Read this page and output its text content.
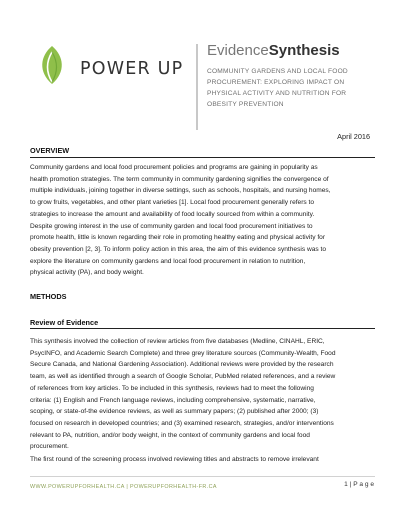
POWER UP
EvidenceSynthesis
COMMUNITY GARDENS AND LOCAL FOOD
PROCUREMENT: EXPLORING IMPACT ON
PHYSICAL ACTIVITY AND NUTRITION FOR
OBESITY PREVENTION
April 2016
OVERVIEW
Community gardens and local food procurement policies and programs are gaining in popularity as
health promotion strategies. The term community in community gardening signifies the convergence of
multiple individuals, joining together in diverse settings, such as schools, hospitals, and nursing homes,
to grow fruits, vegetables, and other plant varieties [1]. Local food procurement generally refers to
strategies to increase the amount and availability of food locally sourced from within a community.
Despite growing interest in the use of community garden and local food procurement initiatives to
promote health, little is known regarding their role in promoting healthy eating and physical activity for
obesity prevention [2, 3]. To inform policy action in this area, the aim of this evidence synthesis was to
explore the literature on community gardens and local food procurement in relation to nutrition,
physical activity (PA), and body weight.
METHODS
Review of Evidence
This synthesis involved the collection of review articles from five databases (Medline, CINAHL, ERIC,
PsycINFO, and Academic Search Complete) and three grey literature sources (Community-Wealth, Food
Secure Canada, and National Gardening Association). Additional reviews were provided by the research
team, as well as identified through a search of Google Scholar, PubMed related references, and a review
of references from key articles. To be included in this synthesis, reviews had to meet the following
criteria: (1) English and French language reviews, including comprehensive, systematic, narrative,
scoping, or state-of-the evidence reviews, as well as summary papers; (2) published after 2000; (3)
focused on research in developed countries; and (3) examined research, strategies, and/or interventions
relevant to PA, nutrition, and/or body weight, in the context of community gardens and local food
procurement.
The first round of the screening process involved reviewing titles and abstracts to remove irrelevant
WWW.POWERUPFORHEALTH.CA | POWERUPFORHEALTH-FR.CA	1 | P a g e
